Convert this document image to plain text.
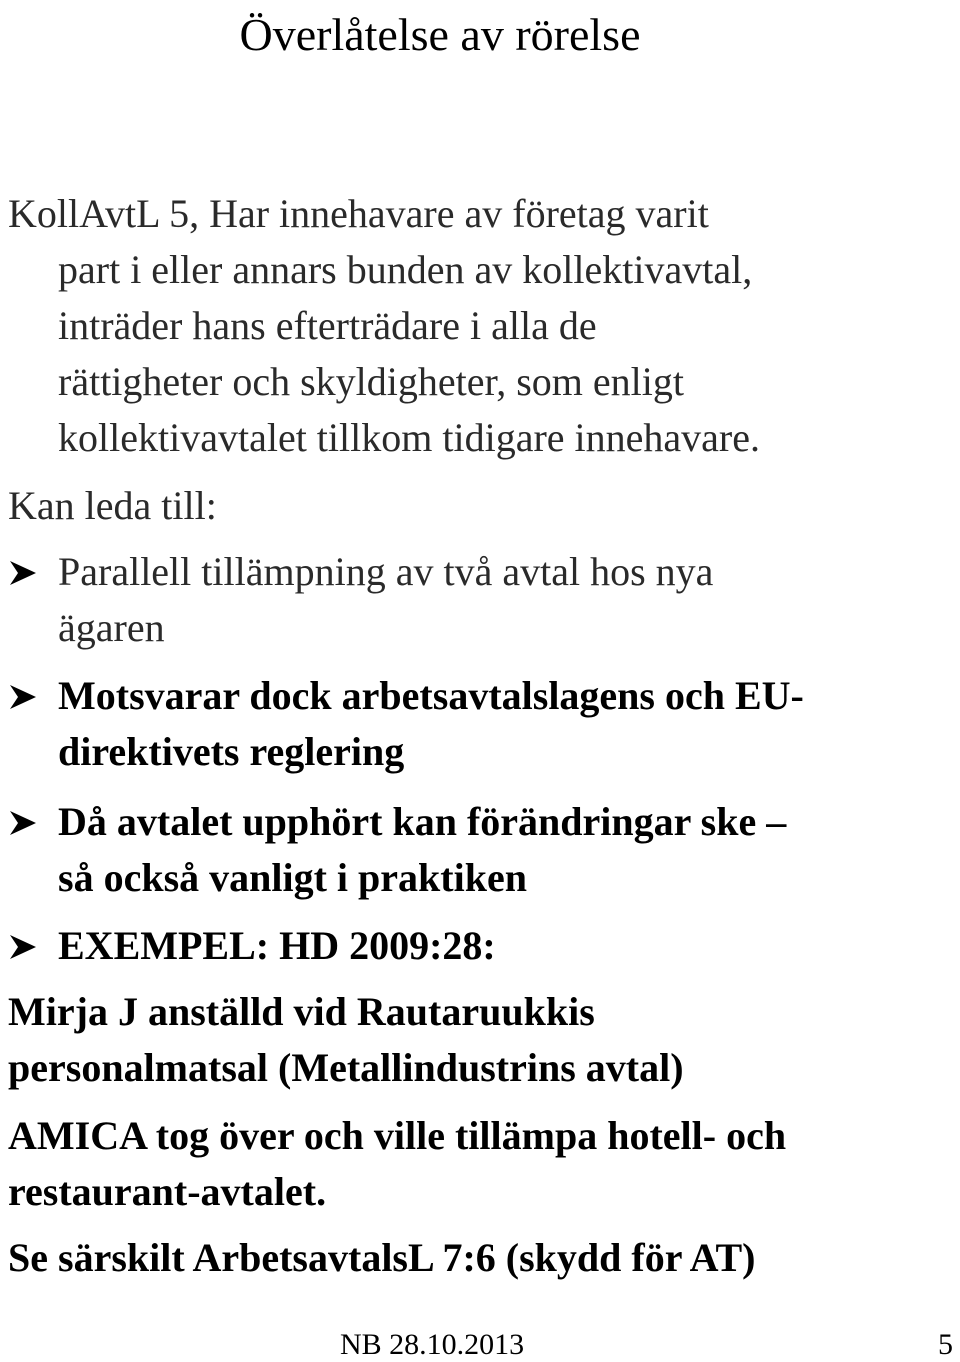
Överlåtelse av rörelse
KollAvtL 5, Har innehavare av företag varit
part i eller annars bunden av kollektivavtal,
inträder hans efterträdare i alla de
rättigheter och skyldigheter, som enligt
kollektivavtalet tillkom tidigare innehavare.
Kan leda till:
Parallell tillämpning av två avtal hos nya
ägaren
Motsvarar dock arbetsavtalslagens och EU-
direktivets reglering
Då avtalet upphört kan förändringar ske –
så också vanligt i praktiken
EXEMPEL: HD 2009:28:
Mirja J anställd vid Rautaruukkis
personalmatsal (Metallindustrins avtal)
AMICA tog över och ville tillämpa hotell- och
restaurant-avtalet.
Se särskilt ArbetsavtalsL 7:6 (skydd för AT)
NB 28.10.2013	5
